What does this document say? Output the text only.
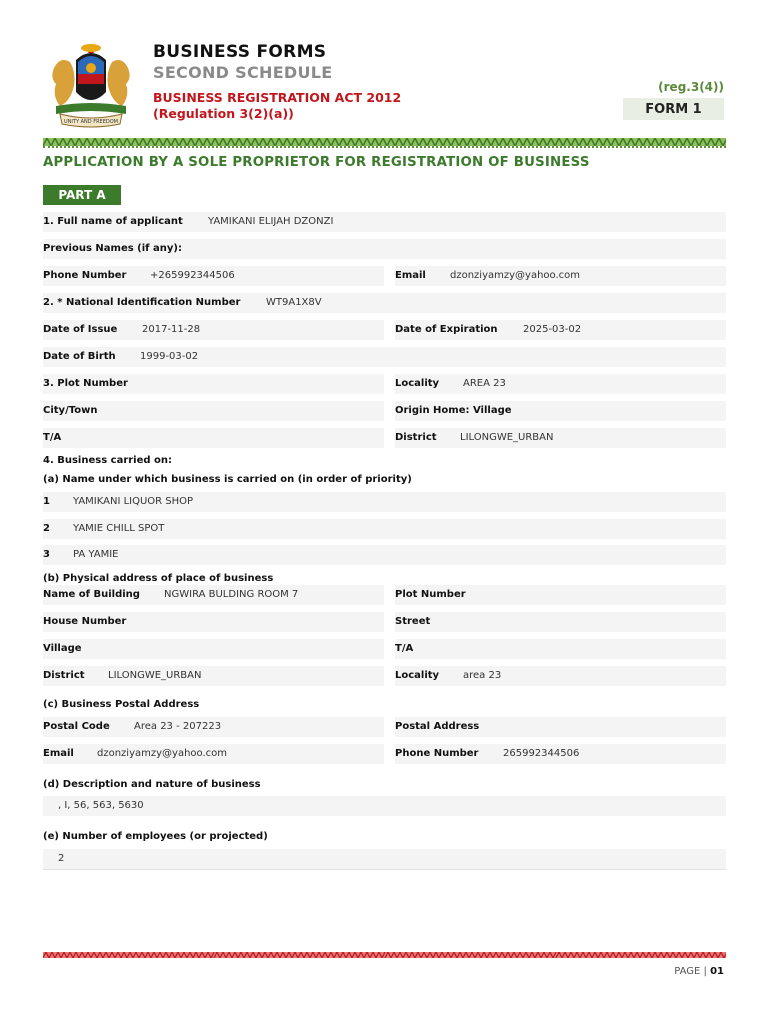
UNITY AND FREEDOM
BUSINESS FORMS
SECOND SCHEDULE
BUSINESS REGISTRATION ACT 2012
(Regulation 3(2)(a))
(reg.3(4))
FORM 1
APPLICATION BY A SOLE PROPRIETOR FOR REGISTRATION OF BUSINESS
PART A
1. Full name of applicant	YAMIKANI ELIJAH DZONZI
Previous Names (if any):
Phone Number +265992344506	Email dzonziyamzy@yahoo.com
2. * National Identification Number	WT9A1X8V
Date of Issue 2017-11-28	Date of Expiration	2025-03-02
Date of Birth 1999-03-02
3. Plot Number	Locality AREA 23
City/Town	Origin Home: Village
T/A	District LILONGWE_URBAN
4. Business carried on:
(a) Name under which business is carried on (in order of priority)
1 YAMIKANI LIQUOR SHOP
2 YAMIE CHILL SPOT
3 PA YAMIE
(b) Physical address of place of business
Name of Building NGWIRA BULDING ROOM 7	Plot Number
House Number	Street
Village	T/A
District LILONGWE_URBAN	Locality area 23
(c) Business Postal Address
Postal Code Area 23 - 207223	Postal Address
Email dzonziyamzy@yahoo.com	Phone Number 265992344506
(d) Description and nature of business
, I, 56, 563, 5630
(e) Number of employees (or projected)
2
PAGE | 01
